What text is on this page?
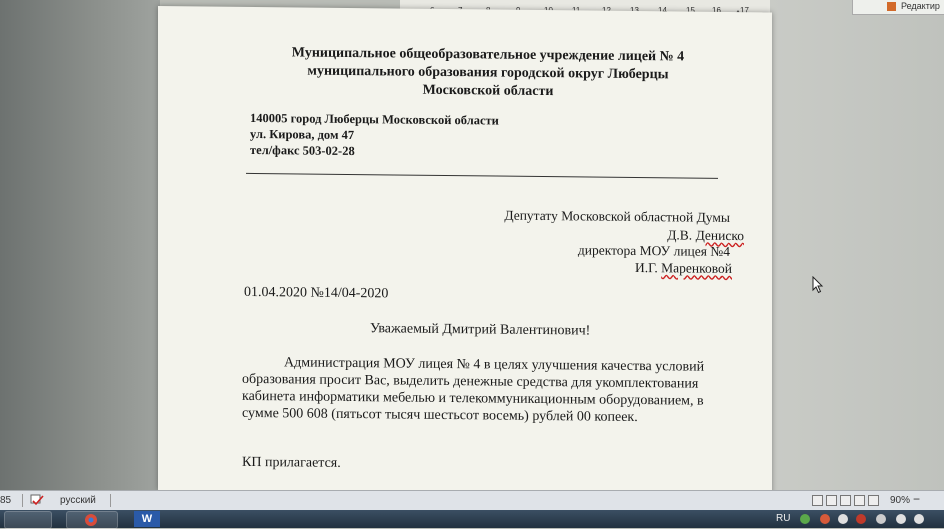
15 16 17	Редактир
Муниципальное общеобразовательное учреждение лицей № 4
муниципального образования городской округ Люберцы
Московской области
140005 город Люберцы Московской области
ул. Кирова, дом 47
тел/факс 503-02-28
Депутату Московской областной Думы
Д.В. Дениско
директора МОУ лицея №4
И.Г. Маренковой
01.04.2020 №14/04-2020
Уважаемый Дмитрий Валентинович!
Администрация МОУ лицея № 4 в целях улучшения качества условий
образования просит Вас, выделить денежные средства для укомплектования
кабинета информатики мебелью и телекоммуникационным оборудованием, в
сумме 500 608 (пятьсот тысяч шестьсот восемь) рублей 00 копеек.
КП прилагается.
85	русский	90% −
W	RU
